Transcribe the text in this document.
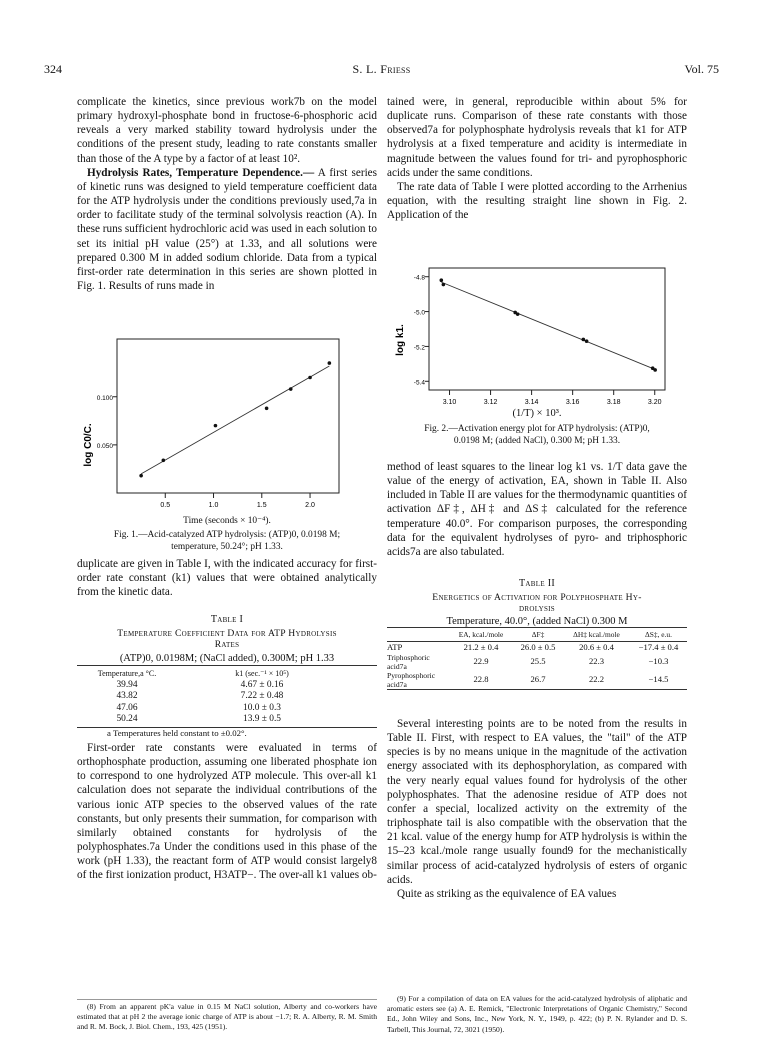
324	S. L. Friess	Vol. 75

complicate the kinetics, since previous work7b on the model primary hydroxyl-phosphate bond in fructose-6-phosphoric acid reveals a very marked stability toward hydrolysis under the conditions of the present study, leading to rate constants smaller than those of the A type by a factor of at least 10².

Hydrolysis Rates, Temperature Dependence.— A first series of kinetic runs was designed to yield temperature coefficient data for the ATP hydrolysis under the conditions previously used,7a in order to facilitate study of the terminal solvolysis reaction (A). In these runs sufficient hydrochloric acid was used in each solution to set its initial pH value (25°) at 1.33, and all solutions were prepared 0.300 M in added sodium chloride. Data from a typical first-order rate determination in this series are shown plotted in Fig. 1. Results of runs made in

0.5	1.0	1.5	2.0
0.100
0.050
log C0/C.
Time (seconds × 10⁻⁴).
Fig. 1.—Acid-catalyzed ATP hydrolysis: (ATP)0, 0.0198 M;
temperature, 50.24°; pH 1.33.

duplicate are given in Table I, with the indicated accuracy for first-order rate constant (k1) values that were obtained analytically from the kinetic data.

Table I
Temperature Coefficient Data for ATP Hydrolysis
Rates
(ATP)0, 0.0198M; (NaCl added), 0.300M; pH 1.33
Temperature,a °C.	k1 (sec.⁻¹ × 10⁵)
39.94	4.67 ± 0.16
43.82	7.22 ± 0.48
47.06	10.0 ± 0.3
50.24	13.9 ± 0.5
a Temperatures held constant to ±0.02°.

First-order rate constants were evaluated in terms of orthophosphate production, assuming one liberated phosphate ion to correspond to one hydrolyzed ATP molecule. This over-all k1 calculation does not separate the individual contributions of the various ionic ATP species to the observed values of the rate constants, but only presents their summation, for comparison with similarly obtained constants for hydrolysis of the polyphosphates.7a Under the conditions used in this phase of the work (pH 1.33), the reactant form of ATP would consist largely8 of the first ionization product, H3ATP−. The over-all k1 values ob-

(8) From an apparent pK'a value in 0.15 M NaCl solution, Alberty and co-workers have estimated that at pH 2 the average ionic charge of ATP is about −1.7; R. A. Alberty, R. M. Smith and R. M. Bock, J. Biol. Chem., 193, 425 (1951).

tained were, in general, reproducible within about 5% for duplicate runs. Comparison of these rate constants with those observed7a for polyphosphate hydrolysis reveals that k1 for ATP hydrolysis at a fixed temperature and acidity is intermediate in magnitude between the values found for tri- and pyrophosphoric acids under the same conditions.

The rate data of Table I were plotted according to the Arrhenius equation, with the resulting straight line shown in Fig. 2. Application of the

3.10	3.12	3.14	3.16	3.18	3.20
-4.8
-5.0
-5.2
-5.4
log k1.
(1/T) × 10³.
Fig. 2.—Activation energy plot for ATP hydrolysis: (ATP)0,
0.0198 M; (added NaCl), 0.300 M; pH 1.33.

method of least squares to the linear log k1 vs. 1/T data gave the value of the energy of activation, EA, shown in Table II. Also included in Table II are values for the thermodynamic quantities of activation ΔF‡, ΔH‡ and ΔS‡ calculated for the reference temperature 40.0°. For comparison purposes, the corresponding data for the equivalent hydrolyses of pyro- and triphosphoric acids7a are also tabulated.

Table II
Energetics of Activation for Polyphosphate Hy-
drolysis
Temperature, 40.0°, (added NaCl) 0.300 M
	EA, kcal./mole	ΔF‡	ΔH‡ kcal./mole	ΔS‡, e.u.
ATP	21.2 ± 0.4	26.0 ± 0.5	20.6 ± 0.4	−17.4 ± 0.4
Triphosphoric acid7a	22.9	25.5	22.3	−10.3
Pyrophosphoric acid7a	22.8	26.7	22.2	−14.5

Several interesting points are to be noted from the results in Table II. First, with respect to EA values, the "tail" of the ATP species is by no means unique in the magnitude of the activation energy associated with its dephosphorylation, as compared with the very nearly equal values found for hydrolysis of the other polyphosphates. That the adenosine residue of ATP does not confer a special, localized activity on the extremity of the triphosphate tail is also compatible with the observation that the 21 kcal. value of the energy hump for ATP hydrolysis is within the 15–23 kcal./mole range usually found9 for the mechanistically similar process of acid-catalyzed hydrolysis of esters of organic acids.

Quite as striking as the equivalence of EA values

(9) For a compilation of data on EA values for the acid-catalyzed hydrolysis of aliphatic and aromatic esters see (a) A. E. Remick, "Electronic Interpretations of Organic Chemistry," Second Ed., John Wiley and Sons, Inc., New York, N. Y., 1949, p. 422; (b) P. N. Rylander and D. S. Tarbell, This Journal, 72, 3021 (1950).
